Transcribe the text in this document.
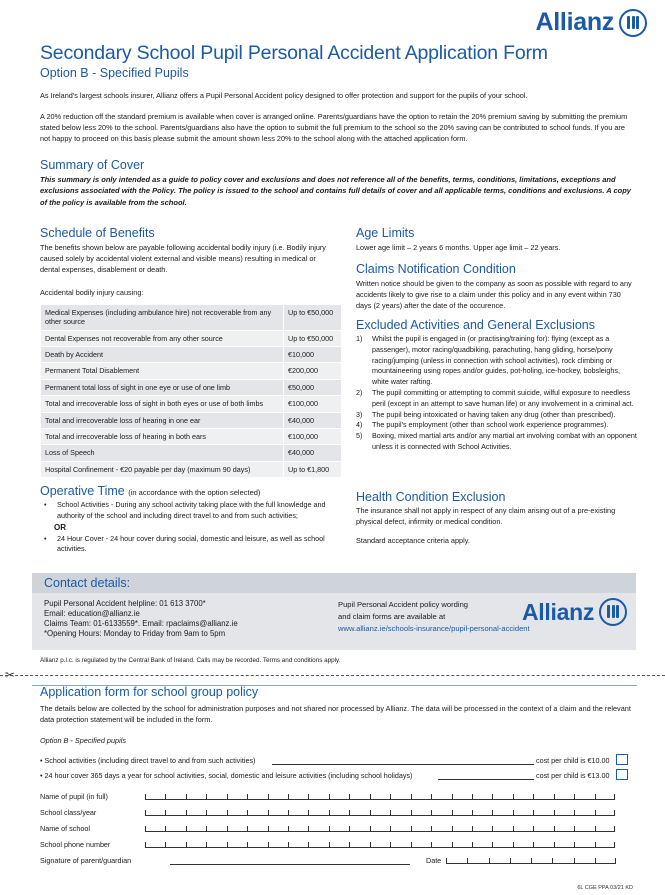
Allianz
Secondary School Pupil Personal Accident Application Form
Option B - Specified Pupils
As Ireland's largest schools insurer, Allianz offers a Pupil Personal Accident policy designed to offer protection and support for the pupils of your school.
A 20% reduction off the standard premium is available when cover is arranged online. Parents/guardians have the option to retain the 20% premium saving by submitting the premium stated below less 20% to the school. Parents/guardians also have the option to submit the full premium to the school so the 20% saving can be contributed to school funds. If you are not happy to proceed on this basis please submit the amount shown less 20% to the school along with the attached application form.
Summary of Cover
This summary is only intended as a guide to policy cover and exclusions and does not reference all of the benefits, terms, conditions, limitations, exceptions and exclusions associated with the Policy. The policy is issued to the school and contains full details of cover and all applicable terms, conditions and exclusions. A copy of the policy is available from the school.
Schedule of Benefits
The benefits shown below are payable following accidental bodily injury (i.e. Bodily injury caused solely by accidental violent external and visible means) resulting in medical or dental expenses, disablement or death.
Accidental bodily injury causing:
Medical Expenses (including ambulance hire) not recoverable from any other source	Up to €50,000
Dental Expenses not recoverable from any other source	Up to €50,000
Death by Accident	€10,000
Permanent Total Disablement	€200,000
Permanent total loss of sight in one eye or use of one limb	€50,000
Total and irrecoverable loss of sight in both eyes or use of both limbs	€100,000
Total and irrecoverable loss of hearing in one ear	€40,000
Total and irrecoverable loss of hearing in both ears	€100,000
Loss of Speech	€40,000
Hospital Confinement - €20 payable per day (maximum 90 days)	Up to €1,800
Operative Time (in accordance with the option selected)
• School Activities - During any school activity taking place with the full knowledge and authority of the school and including direct travel to and from such activities;
OR
• 24 Hour Cover - 24 hour cover during social, domestic and leisure, as well as school activities.
Age Limits
Lower age limit – 2 years 6 months. Upper age limit – 22 years.
Claims Notification Condition
Written notice should be given to the company as soon as possible with regard to any accidents likely to give rise to a claim under this policy and in any event within 730 days (2 years) after the date of the occurence.
Excluded Activities and General Exclusions
1) Whilst the pupil is engaged in (or practising/training for): flying (except as a passenger), motor racing/quadbiking, parachuting, hang gliding, horse/pony racing/jumping (unless in connection with school activities), rock climbing or mountaineering using ropes and/or guides, pot-holing, ice-hockey, bobsleighs, white water rafting.
2) The pupil committing or attempting to commit suicide, wilful exposure to needless peril (except in an attempt to save human life) or any involvement in a criminal act.
3) The pupil being intoxicated or having taken any drug (other than prescribed).
4) The pupil's employment (other than school work experience programmes).
5) Boxing, mixed martial arts and/or any martial art involving combat with an opponent unless it is connected with School Activities.
Health Condition Exclusion
The insurance shall not apply in respect of any claim arising out of a pre-existing physical defect, infirmity or medical condition.
Standard acceptance criteria apply.
Contact details:
Pupil Personal Accident helpline: 01 613 3700*
Email: education@allianz.ie
Claims Team: 01-6133559*. Email: rpaclaims@allianz.ie
*Opening Hours: Monday to Friday from 9am to 5pm
Pupil Personal Accident policy wording
and claim forms are available at
www.allianz.ie/schools-insurance/pupil-personal-accident
Allianz
Allianz p.l.c. is regulated by the Central Bank of Ireland. Calls may be recorded. Terms and conditions apply.
✂
Application form for school group policy
The details below are collected by the school for administration purposes and not shared nor processed by Allianz. The data will be processed in the context of a claim and the relevant data protection statement will be included in the form.
Option B - Specified pupils
• School activities (including direct travel to and from such activities)	cost per child is €10.00
• 24 hour cover 365 days a year for school activities, social, domestic and leisure activities (including school holidays)	cost per child is €13.00
Name of pupil (in full)
School class/year
Name of school
School phone number
Signature of parent/guardian	Date
6L CGE PPA 03/21 KD
